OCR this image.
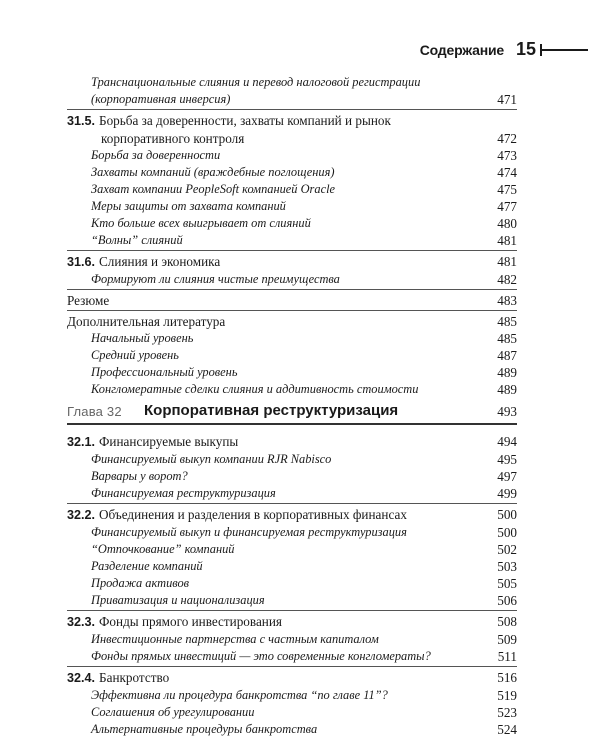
Содержание 15
Транснациональные слияния и перевод налоговой регистрации (корпоративная инверсия)	471
31.5. Борьба за доверенности, захваты компаний и рынок
корпоративного контроля	472
Борьба за доверенности	473
Захваты компаний (враждебные поглощения)	474
Захват компании PeopleSoft компанией Oracle	475
Меры защиты от захвата компаний	477
Кто больше всех выигрывает от слияний	480
“Волны” слияний	481
31.6. Слияния и экономика	481
Формируют ли слияния чистые преимущества	482
Резюме	483
Дополнительная литература	485
Начальный уровень	485
Средний уровень	487
Профессиональный уровень	489
Конгломератные сделки слияния и аддитивность стоимости	489
Глава 32 Корпоративная реструктуризация	493
32.1. Финансируемые выкупы	494
Финансируемый выкуп компании RJR Nabisco	495
Варвары у ворот?	497
Финансируемая реструктуризация	499
32.2. Объединения и разделения в корпоративных финансах	500
Финансируемый выкуп и финансируемая реструктуризация	500
“Отпочкование” компаний	502
Разделение компаний	503
Продажа активов	505
Приватизация и национализация	506
32.3. Фонды прямого инвестирования	508
Инвестиционные партнерства с частным капиталом	509
Фонды прямых инвестиций — это современные конгломераты?	511
32.4. Банкротство	516
Эффективна ли процедура банкротства “по главе 11”?	519
Соглашения об урегулировании	523
Альтернативные процедуры банкротства	524
